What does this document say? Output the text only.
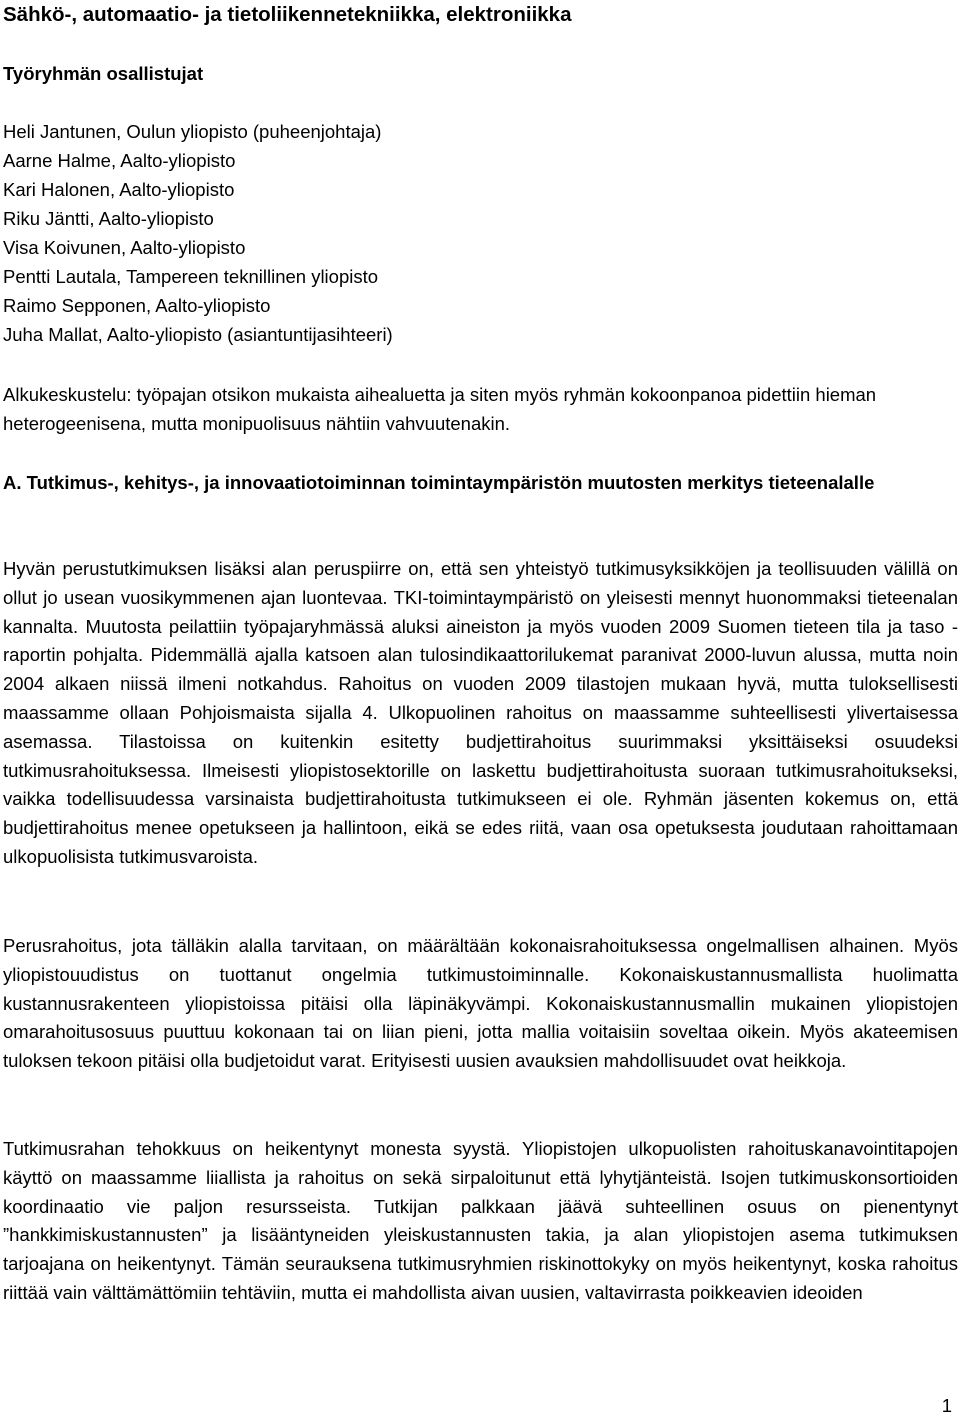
Sähkö-, automaatio- ja tietoliikennetekniikka, elektroniikka
Työryhmän osallistujat
Heli Jantunen, Oulun yliopisto (puheenjohtaja)
Aarne Halme, Aalto-yliopisto
Kari Halonen, Aalto-yliopisto
Riku Jäntti, Aalto-yliopisto
Visa Koivunen, Aalto-yliopisto
Pentti Lautala, Tampereen teknillinen yliopisto
Raimo Sepponen, Aalto-yliopisto
Juha Mallat, Aalto-yliopisto (asiantuntijasihteeri)

Alkukeskustelu: työpajan otsikon mukaista aihealuetta ja siten myös ryhmän kokoonpanoa pidettiin hieman heterogeenisena, mutta monipuolisuus nähtiin vahvuutenakin.

A. Tutkimus-, kehitys-, ja innovaatiotoiminnan toimintaympäristön muutosten merkitys tieteenalalle

Hyvän perustutkimuksen lisäksi alan peruspiirre on, että sen yhteistyö tutkimusyksikköjen ja teollisuuden välillä on ollut jo usean vuosikymmenen ajan luontevaa. TKI-toimintaympäristö on yleisesti mennyt huonommaksi tieteenalan kannalta. Muutosta peilattiin työpajaryhmässä aluksi aineiston ja myös vuoden 2009 Suomen tieteen tila ja taso -raportin pohjalta. Pidemmällä ajalla katsoen alan tulosindikaattorilukemat paranivat 2000-luvun alussa, mutta noin 2004 alkaen niissä ilmeni notkahdus. Rahoitus on vuoden 2009 tilastojen mukaan hyvä, mutta tuloksellisesti maassamme ollaan Pohjoismaista sijalla 4. Ulkopuolinen rahoitus on maassamme suhteellisesti ylivertaisessa asemassa. Tilastoissa on kuitenkin esitetty budjettirahoitus suurimmaksi yksittäiseksi osuudeksi tutkimusrahoituksessa. Ilmeisesti yliopistosektorille on laskettu budjettirahoitusta suoraan tutkimusrahoitukseksi, vaikka todellisuudessa varsinaista budjettirahoitusta tutkimukseen ei ole. Ryhmän jäsenten kokemus on, että budjettirahoitus menee opetukseen ja hallintoon, eikä se edes riitä, vaan osa opetuksesta joudutaan rahoittamaan ulkopuolisista tutkimusvaroista.

Perusrahoitus, jota tälläkin alalla tarvitaan, on määrältään kokonaisrahoituksessa ongelmallisen alhainen. Myös yliopistouudistus on tuottanut ongelmia tutkimustoiminnalle. Kokonaiskustannusmallista huolimatta kustannusrakenteen yliopistoissa pitäisi olla läpinäkyvämpi. Kokonaiskustannusmallin mukainen yliopistojen omarahoitusosuus puuttuu kokonaan tai on liian pieni, jotta mallia voitaisiin soveltaa oikein. Myös akateemisen tuloksen tekoon pitäisi olla budjetoidut varat. Erityisesti uusien avauksien mahdollisuudet ovat heikkoja.

Tutkimusrahan tehokkuus on heikentynyt monesta syystä. Yliopistojen ulkopuolisten rahoituskanavointitapojen käyttö on maassamme liiallista ja rahoitus on sekä sirpaloitunut että lyhytjänteistä. Isojen tutkimuskonsortioiden koordinaatio vie paljon resursseista. Tutkijan palkkaan jäävä suhteellinen osuus on pienentynyt ”hankkimiskustannusten” ja lisääntyneiden yleiskustannusten takia, ja alan yliopistojen asema tutkimuksen tarjoajana on heikentynyt. Tämän seurauksena tutkimusryhmien riskinottokyky on myös heikentynyt, koska rahoitus riittää vain välttämättömiin tehtäviin, mutta ei mahdollista aivan uusien, valtavirrasta poikkeavien ideoiden

1
